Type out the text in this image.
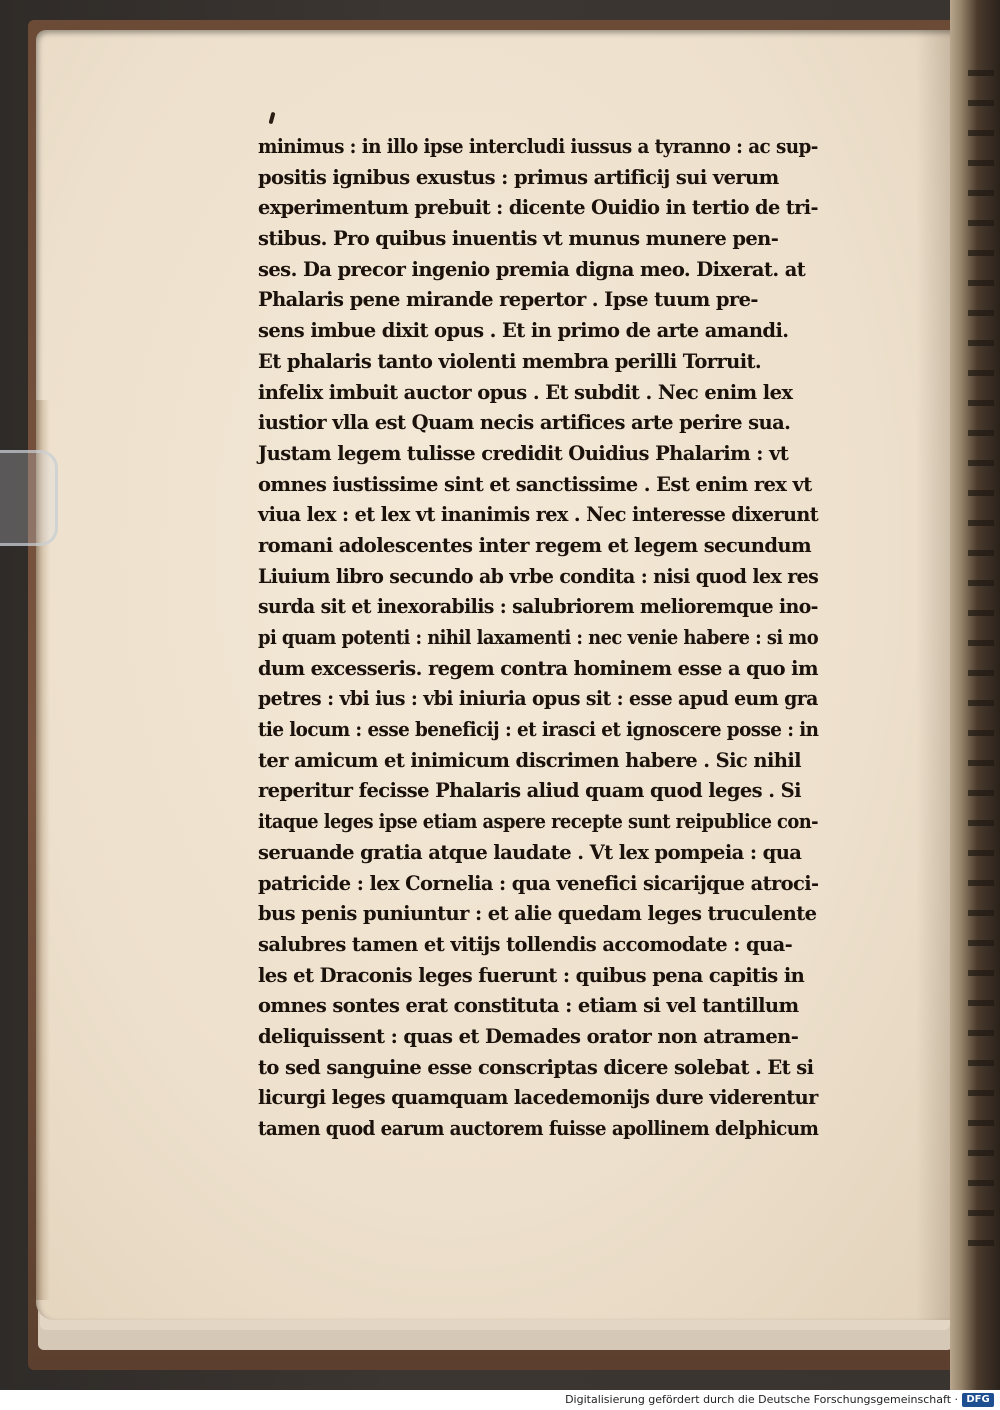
minimus : in illo ipse intercludi iussus a tyranno : ac sup-
positis ignibus exustus : primus artificij sui verum
experimentum prebuit : dicente Ouidio in tertio de tri-
stibus. Pro quibus inuentis vt munus munere pen-
ses. Da precor ingenio premia digna meo. Dixerat. at
Phalaris pene mirande repertor . Ipse tuum pre-
sens imbue dixit opus . Et in primo de arte amandi.
Et phalaris tanto violenti membra perilli Torruit.
infelix imbuit auctor opus . Et subdit . Nec enim lex
iustior vlla est Quam necis artifices arte perire sua.
Justam legem tulisse credidit Ouidius Phalarim : vt
omnes iustissime sint et sanctissime . Est enim rex vt
viua lex : et lex vt inanimis rex . Nec interesse dixerunt
romani adolescentes inter regem et legem secundum
Liuium libro secundo ab vrbe condita : nisi quod lex res
surda sit et inexorabilis : salubriorem melioremque ino-
pi quam potenti : nihil laxamenti : nec venie habere : si mo
dum excesseris. regem contra hominem esse a quo im
petres : vbi ius : vbi iniuria opus sit : esse apud eum gra
tie locum : esse beneficij : et irasci et ignoscere posse : in
ter amicum et inimicum discrimen habere . Sic nihil
reperitur fecisse Phalaris aliud quam quod leges . Si
itaque leges ipse etiam aspere recepte sunt reipublice con-
seruande gratia atque laudate . Vt lex pompeia : qua
patricide : lex Cornelia : qua venefici sicarijque atroci-
bus penis puniuntur : et alie quedam leges truculente
salubres tamen et vitijs tollendis accomodate : qua-
les et Draconis leges fuerunt : quibus pena capitis in
omnes sontes erat constituta : etiam si vel tantillum
deliquissent : quas et Demades orator non atramen-
to sed sanguine esse conscriptas dicere solebat . Et si
licurgi leges quamquam lacedemonijs dure viderentur
tamen quod earum auctorem fuisse apollinem delphicum
Digitalisierung gefördert durch die Deutsche Forschungsgemeinschaft · DFG
